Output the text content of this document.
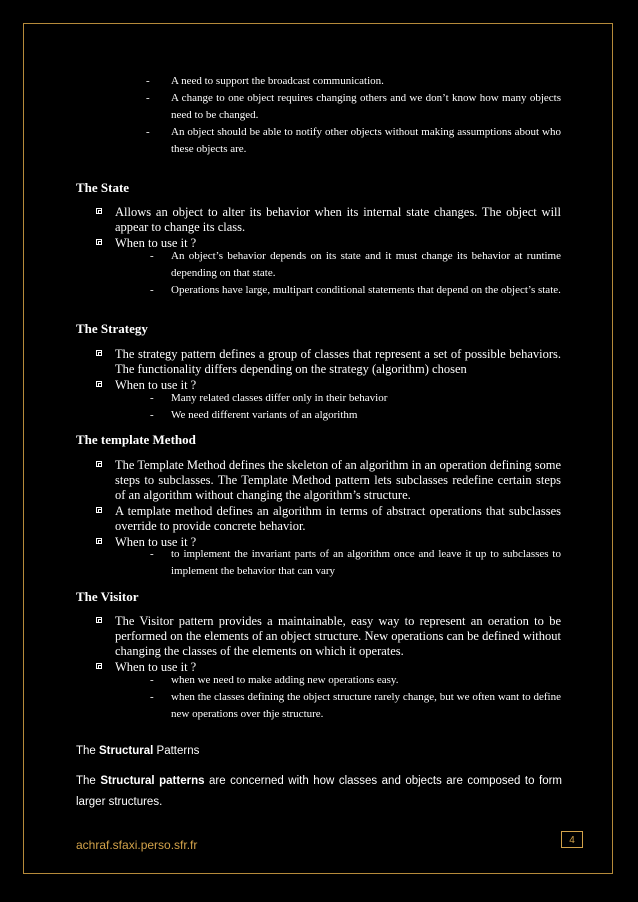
- A need to support the broadcast communication.
- A change to one object requires changing others and we don’t know how many objects need to be changed.
- An object should be able to notify other objects without making assumptions about who these objects are.
The State
Allows an object to alter its behavior when its internal state changes. The object will appear to change its class.
When to use it ?
- An object’s behavior depends on its state and it must change its behavior at runtime depending on that state.
- Operations have large, multipart conditional statements that depend on the object’s state.
The Strategy
The strategy pattern defines a group of classes that represent a set of possible behaviors. The functionality differs depending on the strategy (algorithm) chosen
When to use it ?
- Many related classes differ only in their behavior
- We need different variants of an algorithm
The template Method
The Template Method defines the skeleton of an algorithm in an operation defining some steps to subclasses. The Template Method pattern lets subclasses redefine certain steps of an algorithm without changing the algorithm’s structure.
A template method defines an algorithm in terms of abstract operations that subclasses override to provide concrete behavior.
When to use it ?
- to implement the invariant parts of an algorithm once and leave it up to subclasses to implement the behavior that can vary
The Visitor
The Visitor pattern provides a maintainable, easy way to represent an oeration to be performed on the elements of an object structure. New operations can be defined without changing the classes of the elements on which it operates.
When to use it ?
- when we need to make adding new operations easy.
- when the classes defining the object structure rarely change, but we often want to define new operations over thje structure.
The Structural Patterns
The Structural patterns are concerned with how classes and objects are composed to form larger structures.
achraf.sfaxi.perso.sfr.fr	4
